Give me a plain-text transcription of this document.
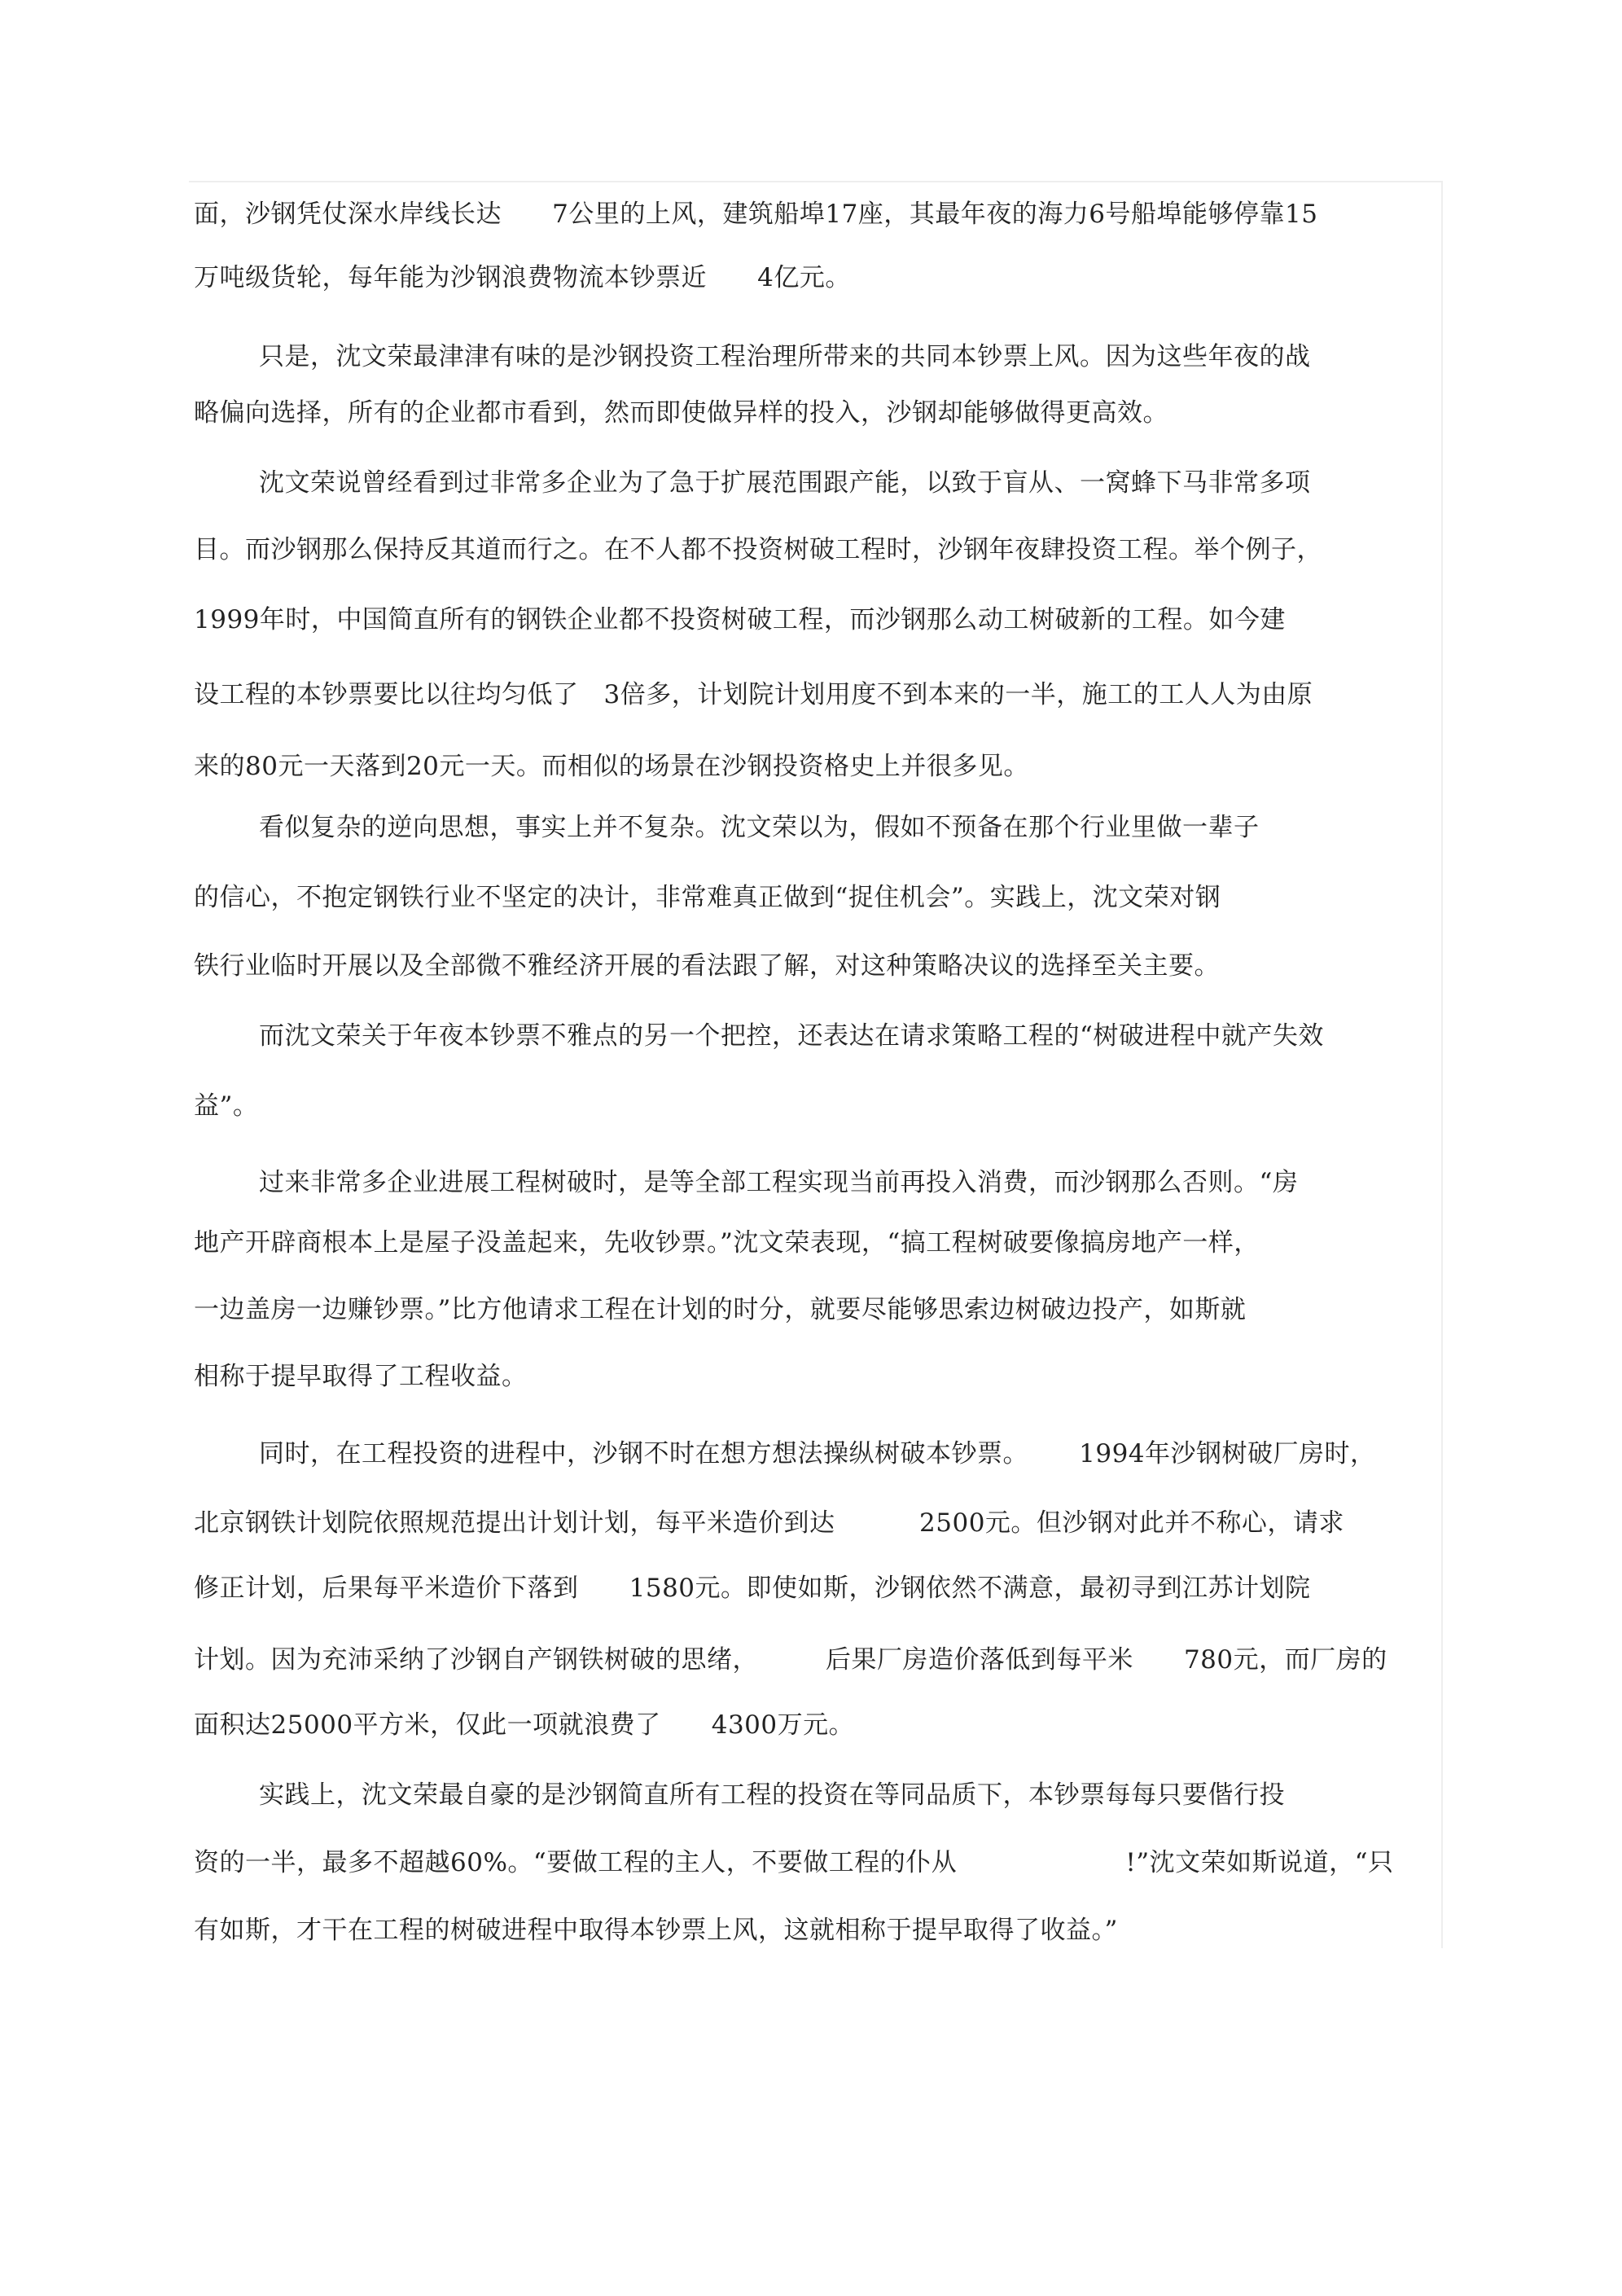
面，沙钢凭仗深水岸线长达      7公里的上风，建筑船埠17座，其最年夜的海力6号船埠能够停靠15
万吨级货轮，每年能为沙钢浪费物流本钞票近      4亿元。
只是，沈文荣最津津有味的是沙钢投资工程治理所带来的共同本钞票上风。因为这些年夜的战
略偏向选择，所有的企业都市看到，然而即使做异样的投入，沙钢却能够做得更高效。
沈文荣说曾经看到过非常多企业为了急于扩展范围跟产能，以致于盲从、一窝蜂下马非常多项
目。而沙钢那么保持反其道而行之。在不人都不投资树破工程时，沙钢年夜肆投资工程。举个例子，
1999年时，中国简直所有的钢铁企业都不投资树破工程，而沙钢那么动工树破新的工程。如今建
设工程的本钞票要比以往均匀低了   3倍多，计划院计划用度不到本来的一半，施工的工人人为由原
来的80元一天落到20元一天。而相似的场景在沙钢投资格史上并很多见。
看似复杂的逆向思想，事实上并不复杂。沈文荣以为，假如不预备在那个行业里做一辈子
的信心，不抱定钢铁行业不坚定的决计，非常难真正做到“捉住机会”。实践上，沈文荣对钢
铁行业临时开展以及全部微不雅经济开展的看法跟了解，对这种策略决议的选择至关主要。
而沈文荣关于年夜本钞票不雅点的另一个把控，还表达在请求策略工程的“树破进程中就产失效
益”。
过来非常多企业进展工程树破时，是等全部工程实现当前再投入消费，而沙钢那么否则。“房
地产开辟商根本上是屋子没盖起来，先收钞票。”沈文荣表现，“搞工程树破要像搞房地产一样，
一边盖房一边赚钞票。”比方他请求工程在计划的时分，就要尽能够思索边树破边投产，如斯就
相称于提早取得了工程收益。
同时，在工程投资的进程中，沙钢不时在想方想法操纵树破本钞票。      1994年沙钢树破厂房时，
北京钢铁计划院依照规范提出计划计划，每平米造价到达          2500元。但沙钢对此并不称心，请求
修正计划，后果每平米造价下落到      1580元。即使如斯，沙钢依然不满意，最初寻到江苏计划院
计划。因为充沛采纳了沙钢自产钢铁树破的思绪，        后果厂房造价落低到每平米      780元，而厂房的
面积达25000平方米，仅此一项就浪费了      4300万元。
实践上，沈文荣最自豪的是沙钢简直所有工程的投资在等同品质下，本钞票每每只要偕行投
资的一半，最多不超越60%。“要做工程的主人，不要做工程的仆从                    !”沈文荣如斯说道，“只
有如斯，才干在工程的树破进程中取得本钞票上风，这就相称于提早取得了收益。”
